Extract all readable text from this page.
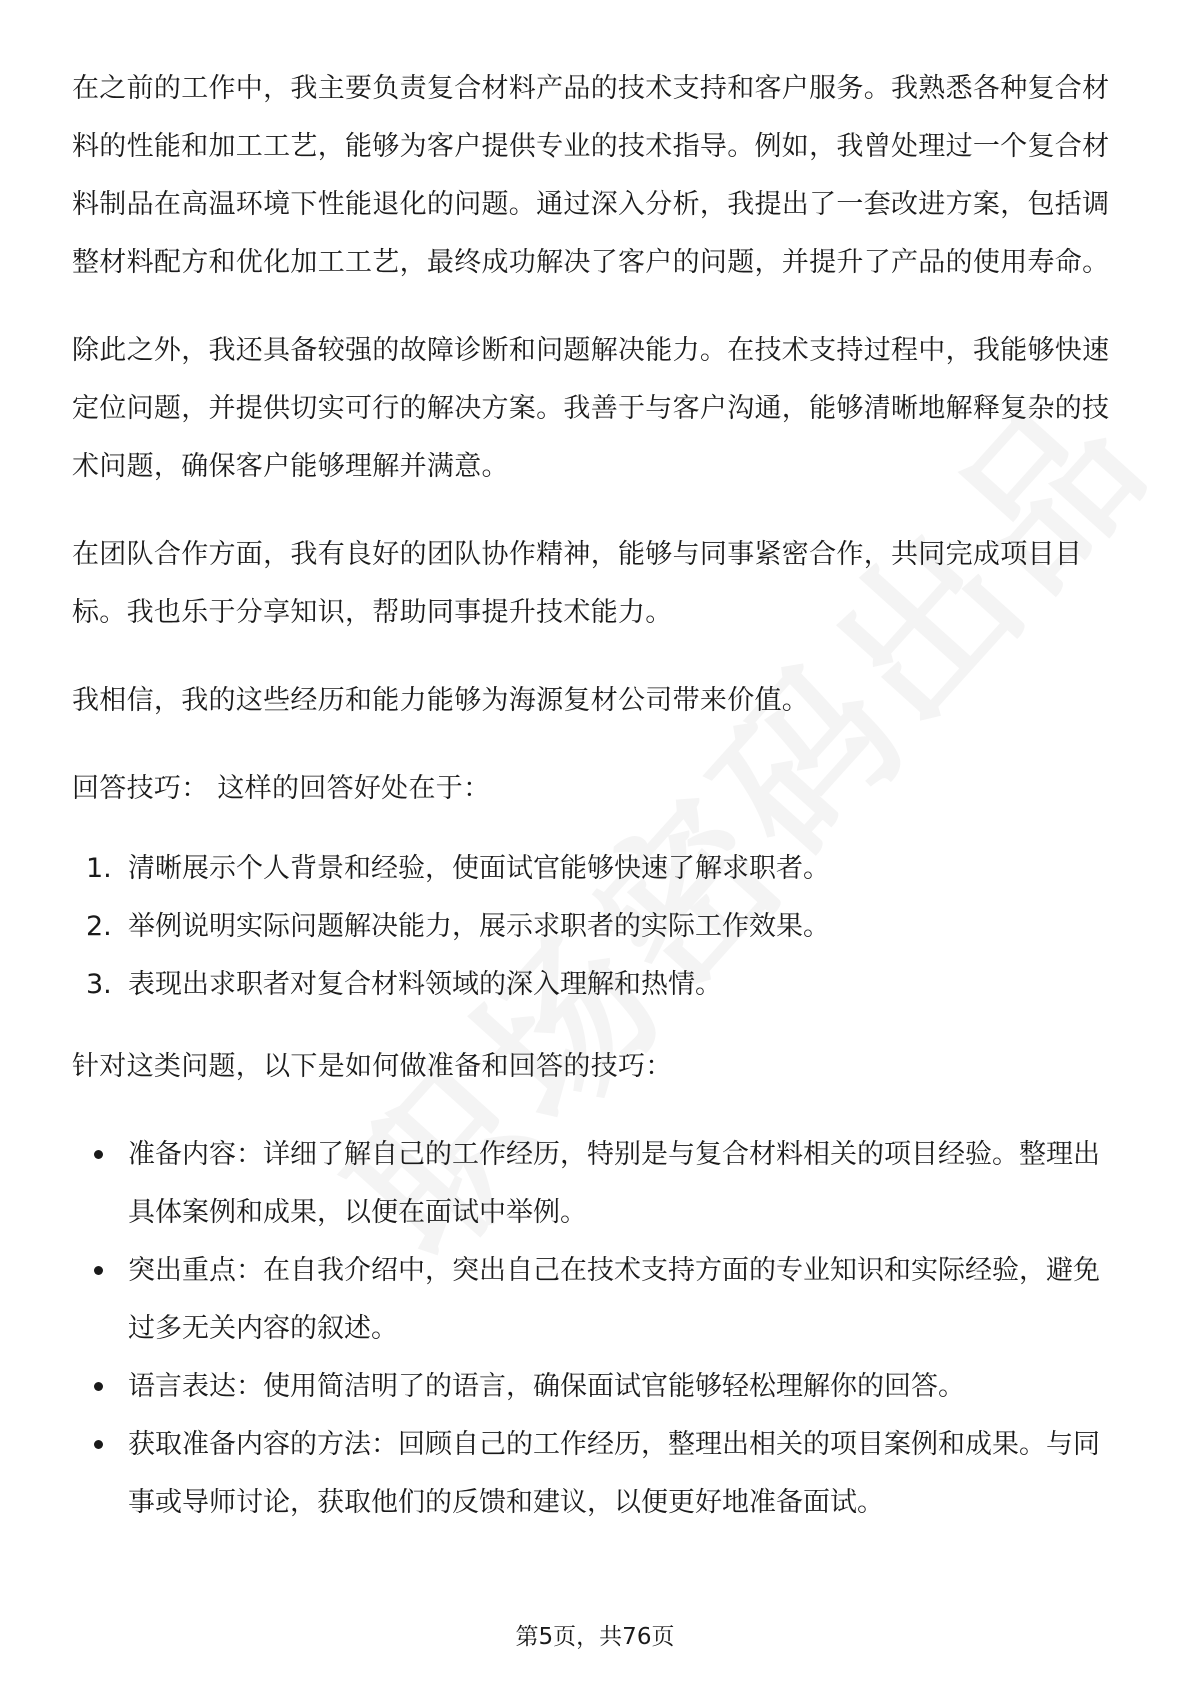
在之前的工作中，我主要负责复合材料产品的技术支持和客户服务。我熟悉各种复合材料的性能和加工工艺，能够为客户提供专业的技术指导。例如，我曾处理过一个复合材料制品在高温环境下性能退化的问题。通过深入分析，我提出了一套改进方案，包括调整材料配方和优化加工工艺，最终成功解决了客户的问题，并提升了产品的使用寿命。

除此之外，我还具备较强的故障诊断和问题解决能力。在技术支持过程中，我能够快速定位问题，并提供切实可行的解决方案。我善于与客户沟通，能够清晰地解释复杂的技术问题，确保客户能够理解并满意。

在团队合作方面，我有良好的团队协作精神，能够与同事紧密合作，共同完成项目目标。我也乐于分享知识，帮助同事提升技术能力。

我相信，我的这些经历和能力能够为海源复材公司带来价值。

回答技巧： 这样的回答好处在于：

1. 清晰展示个人背景和经验，使面试官能够快速了解求职者。
2. 举例说明实际问题解决能力，展示求职者的实际工作效果。
3. 表现出求职者对复合材料领域的深入理解和热情。

针对这类问题，以下是如何做准备和回答的技巧：

准备内容：详细了解自己的工作经历，特别是与复合材料相关的项目经验。整理出具体案例和成果，以便在面试中举例。
突出重点：在自我介绍中，突出自己在技术支持方面的专业知识和实际经验，避免过多无关内容的叙述。
语言表达：使用简洁明了的语言，确保面试官能够轻松理解你的回答。
获取准备内容的方法：回顾自己的工作经历，整理出相关的项目案例和成果。与同事或导师讨论，获取他们的反馈和建议，以便更好地准备面试。
第5页，共76页
